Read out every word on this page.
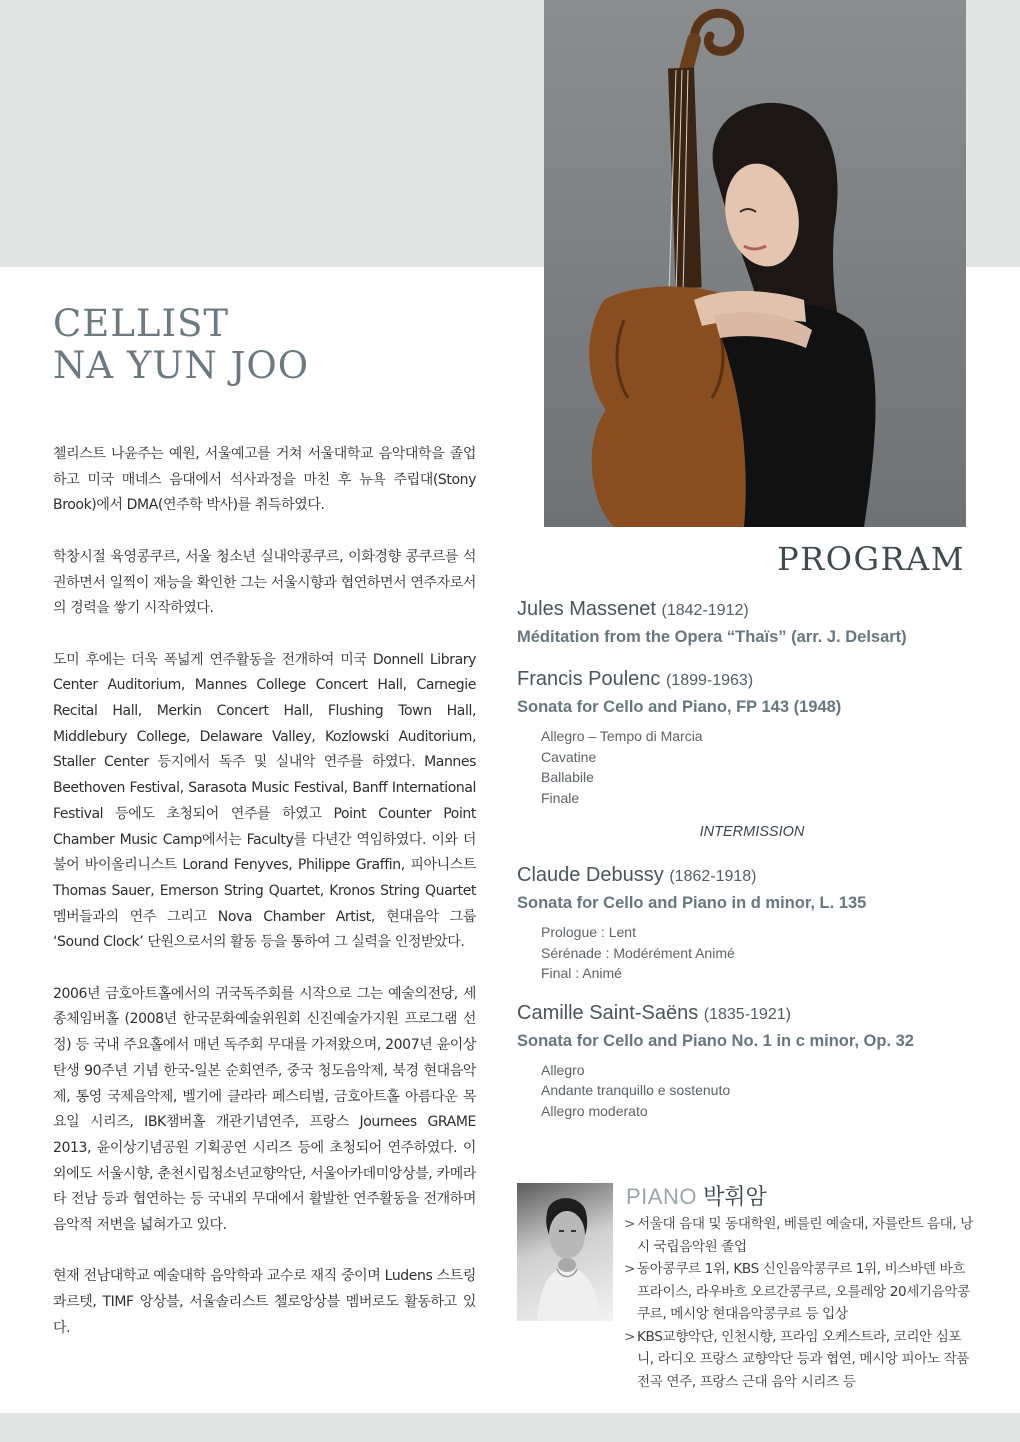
CELLIST
NA YUN JOO

첼리스트 나윤주는 예원, 서울예고를 거쳐 서울대학교 음악대학을 졸업하고 미국 매네스 음대에서 석사과정을 마친 후 뉴욕 주립대(Stony Brook)에서 DMA(연주학 박사)를 취득하였다.

학창시절 육영콩쿠르, 서울 청소년 실내악콩쿠르, 이화경향 콩쿠르를 석권하면서 일찍이 재능을 확인한 그는 서울시향과 협연하면서 연주자로서의 경력을 쌓기 시작하였다.

도미 후에는 더욱 폭넓게 연주활동을 전개하여 미국 Donnell Library Center Auditorium, Mannes College Concert Hall, Carnegie Recital Hall, Merkin Concert Hall, Flushing Town Hall, Middlebury College, Delaware Valley, Kozlowski Auditorium, Staller Center 등지에서 독주 및 실내악 연주를 하였다. Mannes Beethoven Festival, Sarasota Music Festival, Banff International Festival 등에도 초청되어 연주를 하였고 Point Counter Point Chamber Music Camp에서는 Faculty를 다년간 역임하였다. 이와 더불어 바이올리니스트 Lorand Fenyves, Philippe Graffin, 피아니스트 Thomas Sauer, Emerson String Quartet, Kronos String Quartet 멤버들과의 연주 그리고 Nova Chamber Artist, 현대음악 그룹 ‘Sound Clock’ 단원으로서의 활동 등을 통하여 그 실력을 인정받았다.

2006년 금호아트홀에서의 귀국독주회를 시작으로 그는 예술의전당, 세종체임버홀 (2008년 한국문화예술위원회 신진예술가지원 프로그램 선정) 등 국내 주요홀에서 매년 독주회 무대를 가져왔으며, 2007년 윤이상 탄생 90주년 기념 한국-일본 순회연주, 중국 청도음악제, 북경 현대음악제, 통영 국제음악제, 벨기에 클라라 페스티벌, 금호아트홀 아름다운 목요일 시리즈, IBK챔버홀 개관기념연주, 프랑스 Journees GRAME 2013, 윤이상기념공원 기획공연 시리즈 등에 초청되어 연주하였다. 이외에도 서울시향, 춘천시립청소년교향악단, 서울아카데미앙상블, 카메라타 전남 등과 협연하는 등 국내외 무대에서 활발한 연주활동을 전개하며 음악적 저변을 넓혀가고 있다.

현재 전남대학교 예술대학 음악학과 교수로 재직 중이며 Ludens 스트링 콰르텟, TIMF 앙상블, 서울솔리스트 첼로앙상블 멤버로도 활동하고 있다.

PROGRAM
Jules Massenet (1842-1912)
Méditation from the Opera “Thaïs” (arr. J. Delsart)
Francis Poulenc (1899-1963)
Sonata for Cello and Piano, FP 143 (1948)
Allegro – Tempo di Marcia
Cavatine
Ballabile
Finale
INTERMISSION
Claude Debussy (1862-1918)
Sonata for Cello and Piano in d minor, L. 135
Prologue : Lent
Sérénade : Modérément Animé
Final : Animé
Camille Saint-Saëns (1835-1921)
Sonata for Cello and Piano No. 1 in c minor, Op. 32
Allegro
Andante tranquillo e sostenuto
Allegro moderato
PIANO 박휘암
> 서울대 음대 및 동대학원, 베를린 예술대, 자를란트 음대, 낭시 국립음악원 졸업
> 동아콩쿠르 1위, KBS 신인음악콩쿠르 1위, 비스바덴 바흐프라이스, 라우바흐 오르간콩쿠르, 오를레앙 20세기음악콩쿠르, 메시앙 현대음악콩쿠르 등 입상
> KBS교향악단, 인천시향, 프라임 오케스트라, 코리안 심포니, 라디오 프랑스 교향악단 등과 협연, 메시앙 피아노 작품 전곡 연주, 프랑스 근대 음악 시리즈 등
